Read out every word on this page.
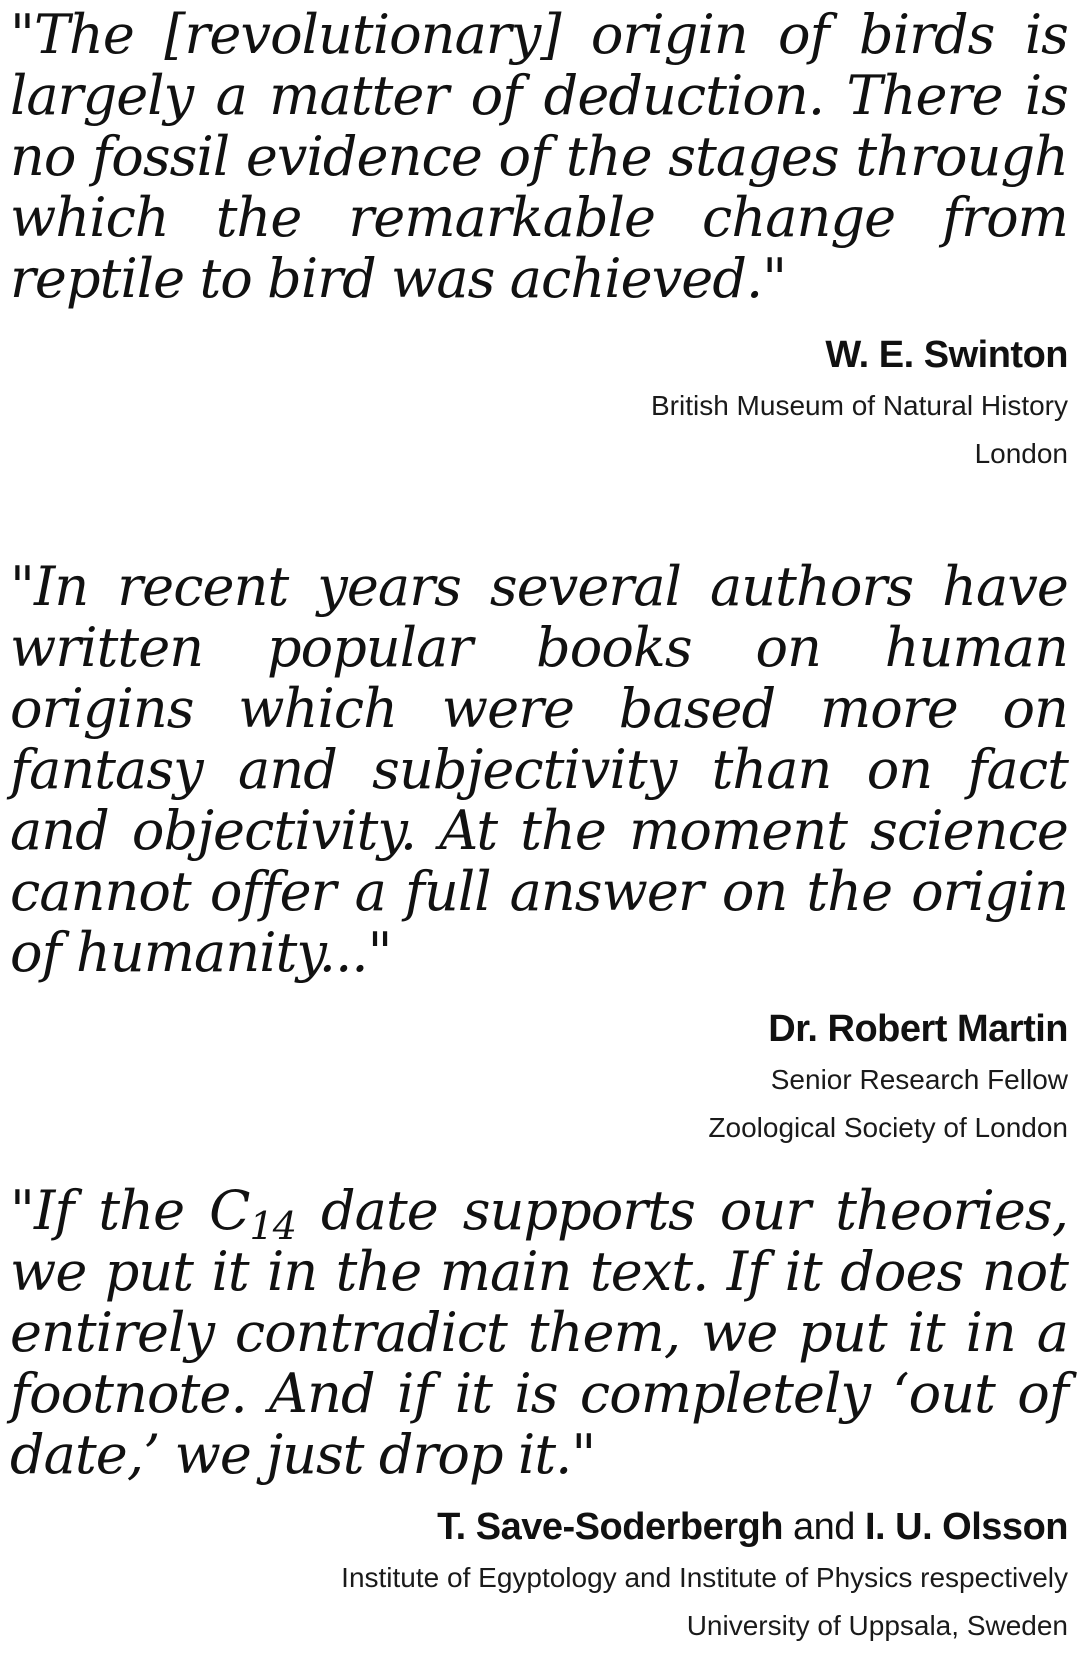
"The [revolutionary] origin of birds is largely a matter of deduction. There is no fossil evidence of the stages through which the remarkable change from reptile to bird was achieved."

W. E. Swinton
British Museum of Natural History
London

"In recent years several authors have written popular books on human origins which were based more on fantasy and subjectivity than on fact and objectivity. At the moment science cannot offer a full answer on the origin of humanity..."

Dr. Robert Martin
Senior Research Fellow
Zoological Society of London

"If the $C_{14}$ date supports our theories, we put it in the main text. If it does not entirely contradict them, we put it in a footnote. And if it is completely ‘out of date,’ we just drop it."

T. Save-Soderbergh and I. U. Olsson
Institute of Egyptology and Institute of Physics respectively
University of Uppsala, Sweden
